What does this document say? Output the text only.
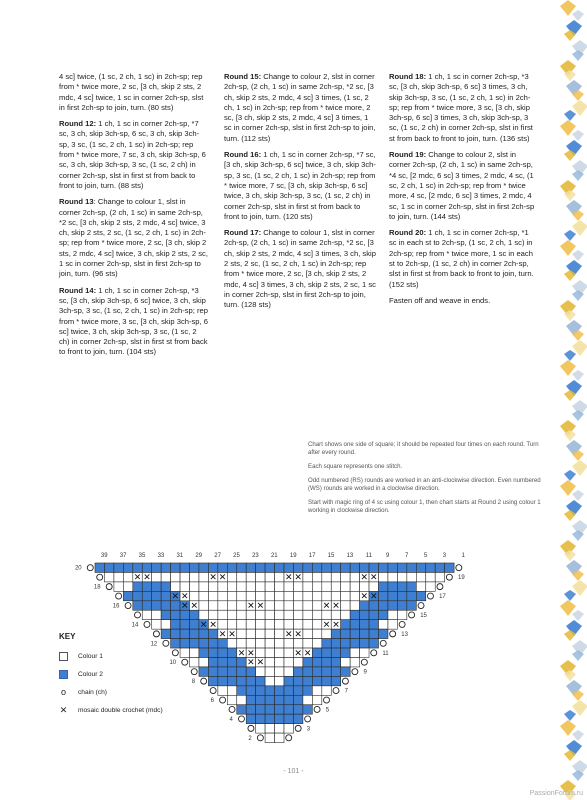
4 sc] twice, (1 sc, 2 ch, 1 sc) in 2ch-sp; rep from * twice more, 2 sc, [3 ch, skip 2 sts, 2 mdc, 4 sc] twice, 1 sc in corner 2ch-sp, slst in first 2ch-sp to join, turn. (80 sts)

Round 12: 1 ch, 1 sc in corner 2ch-sp, *7 sc, 3 ch, skip 3ch-sp, 6 sc, 3 ch, skip 3ch-sp, 3 sc, (1 sc, 2 ch, 1 sc) in 2ch-sp; rep from * twice more, 7 sc, 3 ch, skip 3ch-sp, 6 sc, 3 ch, skip 3ch-sp, 3 sc, (1 sc, 2 ch) in corner 2ch-sp, slst in first st from back to front to join, turn. (88 sts)

Round 13: Change to colour 1, slst in corner 2ch-sp, (2 ch, 1 sc) in same 2ch-sp, *2 sc, [3 ch, skip 2 sts, 2 mdc, 4 sc] twice, 3 ch, skip 2 sts, 2 sc, (1 sc, 2 ch, 1 sc) in 2ch-sp; rep from * twice more, 2 sc, [3 ch, skip 2 sts, 2 mdc, 4 sc] twice, 3 ch, skip 2 sts, 2 sc, 1 sc in corner 2ch-sp, slst in first 2ch-sp to join, turn. (96 sts)

Round 14: 1 ch, 1 sc in corner 2ch-sp, *3 sc, [3 ch, skip 3ch-sp, 6 sc] twice, 3 ch, skip 3ch-sp, 3 sc, (1 sc, 2 ch, 1 sc) in 2ch-sp; rep from * twice more, 3 sc, [3 ch, skip 3ch-sp, 6 sc] twice, 3 ch, skip 3ch-sp, 3 sc, (1 sc, 2 ch) in corner 2ch-sp, slst in first st from back to front to join, turn. (104 sts)

Round 15: Change to colour 2, slst in corner 2ch-sp, (2 ch, 1 sc) in same 2ch-sp, *2 sc, [3 ch, skip 2 sts, 2 mdc, 4 sc] 3 times, (1 sc, 2 ch, 1 sc) in 2ch-sp; rep from * twice more, 2 sc, [3 ch, skip 2 sts, 2 mdc, 4 sc] 3 times, 1 sc in corner 2ch-sp, slst in first 2ch-sp to join, turn. (112 sts)

Round 16: 1 ch, 1 sc in corner 2ch-sp, *7 sc, [3 ch, skip 3ch-sp, 6 sc] twice, 3 ch, skip 3ch-sp, 3 sc, (1 sc, 2 ch, 1 sc) in 2ch-sp; rep from * twice more, 7 sc, [3 ch, skip 3ch-sp, 6 sc] twice, 3 ch, skip 3ch-sp, 3 sc, (1 sc, 2 ch) in corner 2ch-sp, slst in first st from back to front to join, turn. (120 sts)

Round 17: Change to colour 1, slst in corner 2ch-sp, (2 ch, 1 sc) in same 2ch-sp, *2 sc, [3 ch, skip 2 sts, 2 mdc, 4 sc] 3 times, 3 ch, skip 2 sts, 2 sc, (1 sc, 2 ch, 1 sc) in 2ch-sp; rep from * twice more, 2 sc, [3 ch, skip 2 sts, 2 mdc, 4 sc] 3 times, 3 ch, skip 2 sts, 2 sc, 1 sc in corner 2ch-sp, slst in first 2ch-sp to join, turn. (128 sts)

Round 18: 1 ch, 1 sc in corner 2ch-sp, *3 sc, [3 ch, skip 3ch-sp, 6 sc] 3 times, 3 ch, skip 3ch-sp, 3 sc, (1 sc, 2 ch, 1 sc) in 2ch-sp; rep from * twice more, 3 sc, [3 ch, skip 3ch-sp, 6 sc] 3 times, 3 ch, skip 3ch-sp, 3 sc, (1 sc, 2 ch) in corner 2ch-sp, slst in first st from back to front to join, turn. (136 sts)

Round 19: Change to colour 2, slst in corner 2ch-sp, (2 ch, 1 sc) in same 2ch-sp, *4 sc, [2 mdc, 6 sc] 3 times, 2 mdc, 4 sc, (1 sc, 2 ch, 1 sc) in 2ch-sp; rep from * twice more, 4 sc, [2 mdc, 6 sc] 3 times, 2 mdc, 4 sc, 1 sc in corner 2ch-sp, slst in first 2ch-sp to join, turn. (144 sts)

Round 20: 1 ch, 1 sc in corner 2ch-sp, *1 sc in each st to 2ch-sp, (1 sc, 2 ch, 1 sc) in 2ch-sp; rep from * twice more, 1 sc in each st to 2ch-sp, (1 sc, 2 ch) in corner 2ch-sp, slst in first st from back to front to join, turn. (152 sts)

Fasten off and weave in ends.

Chart shows one side of square; it should be repeated four times on each round. Turn after every round.

Each square represents one stitch.

Odd numbered (RS) rounds are worked in an anti-clockwise direction. Even numbered (WS) rounds are worked in a clockwise direction.

Start with magic ring of 4 sc using colour 1, then chart starts at Round 2 using colour 1 working in clockwise direction.

✕ ✕	✕ ✕	✕ ✕	✕ ✕
✕ ✕	✕ ✕	✕ ✕
✕ ✕	✕ ✕
✕ ✕
✕ ✕	✕ ✕
✕ ✕	✕ ✕
✕ ✕	✕ ✕
39 37 35 33 31 29 27 25 23 21 19 17 15 13 11 9	7	5	3	1
20
18
16
14
12
10
8
6
4
2
19
17
15
13
11
9
7
5
3
KEY
Colour 1
Colour 2
o	chain (ch)
✕ mosaic double crochet (mdc)
- 101 -
PassionForum.ru
